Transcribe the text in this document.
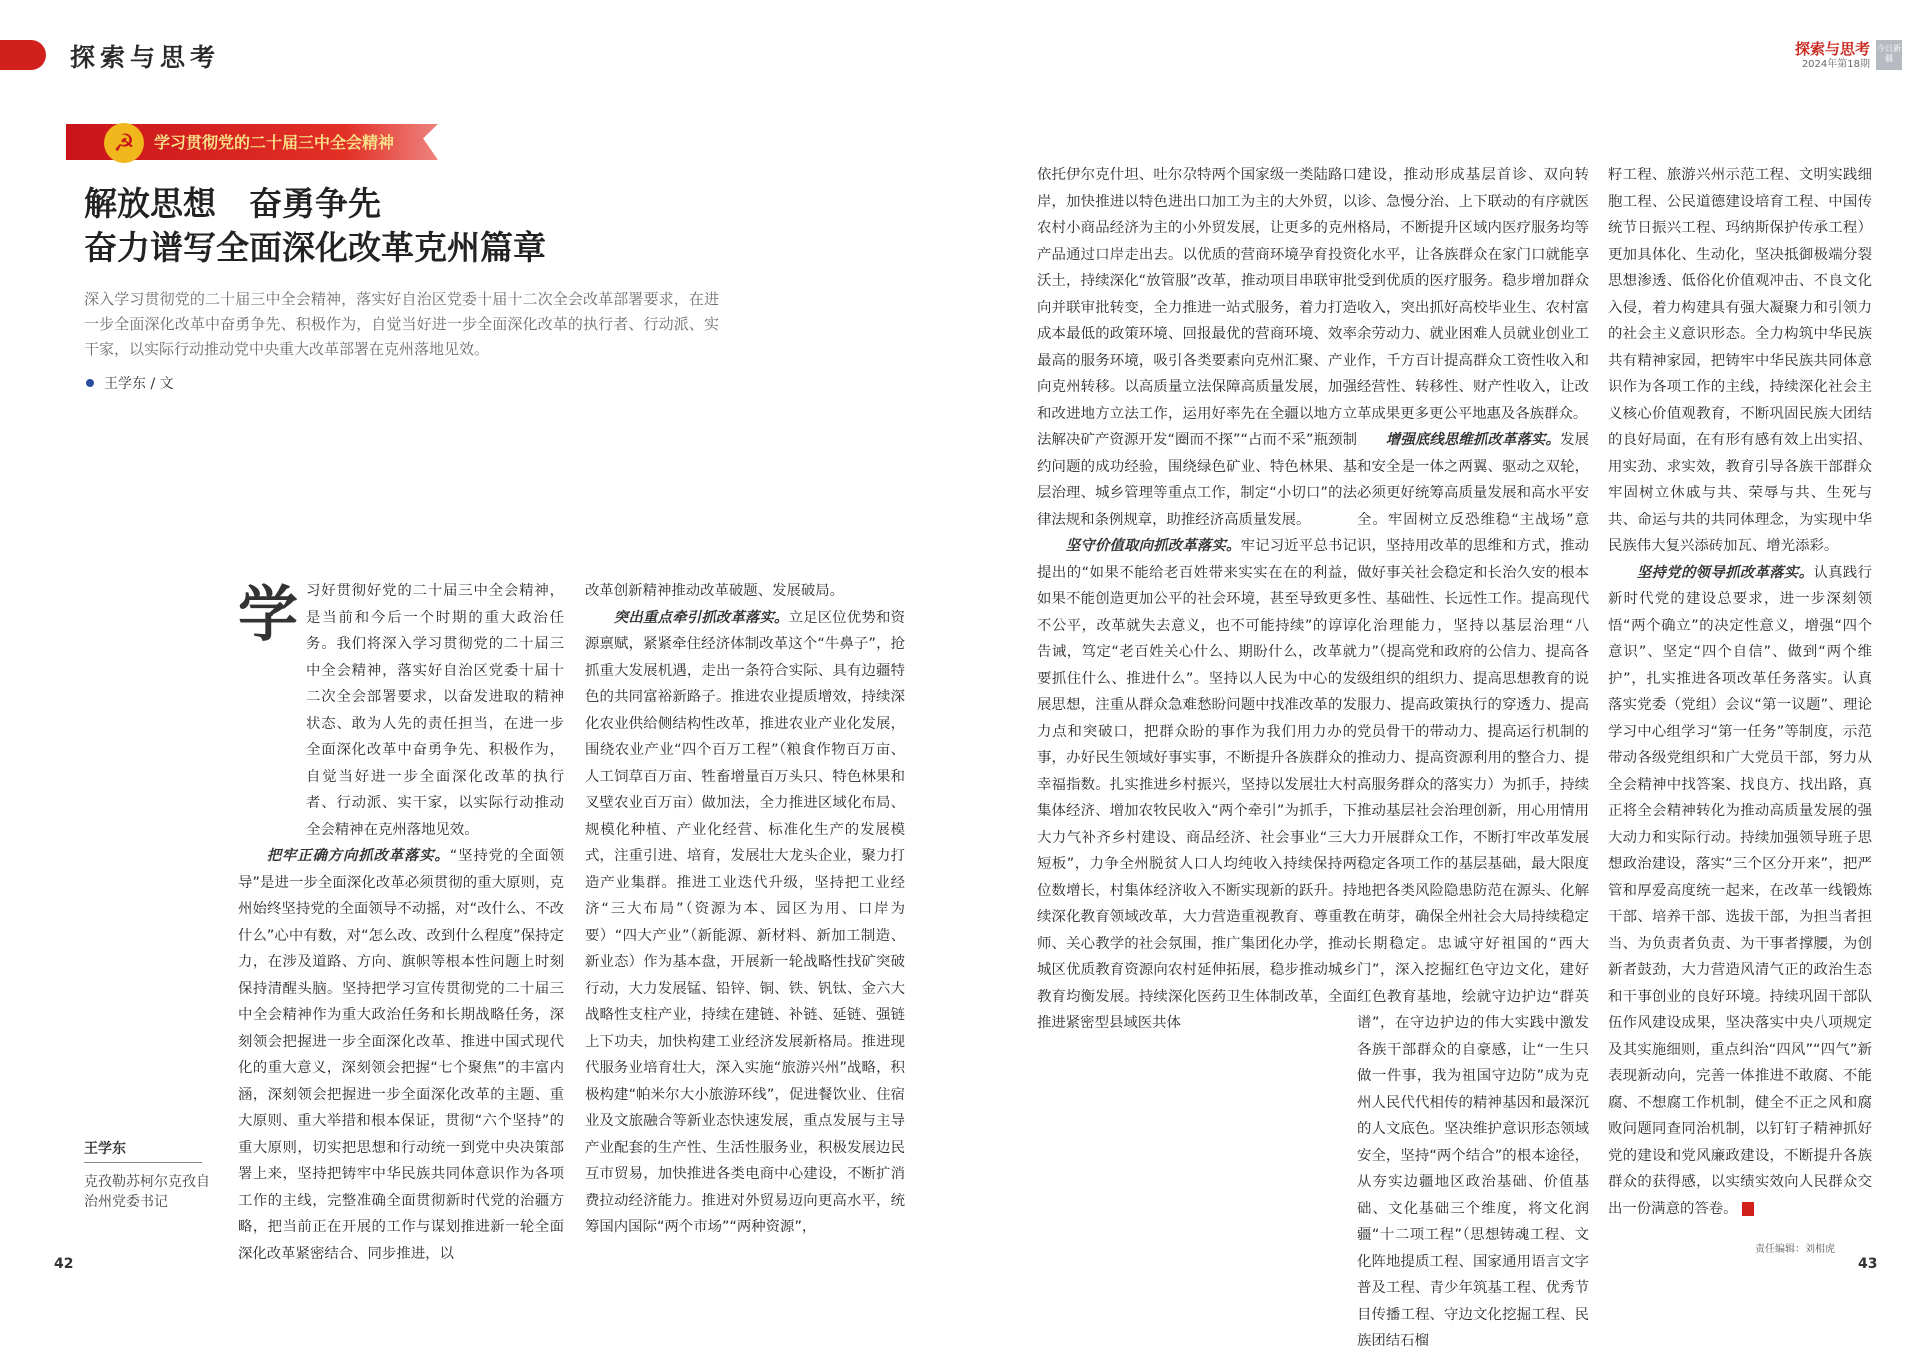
探索与思考	探索与思考
2024年第18期
今日新疆
☭	学习贯彻党的二十届三中全会精神
解放思想　奋勇争先
奋力谱写全面深化改革克州篇章
深入学习贯彻党的二十届三中全会精神，落实好自治区党委十届十二次全会改革部署要求，在进一步全面深化改革中奋勇争先、积极作为，自觉当好进一步全面深化改革的执行者、行动派、实干家，以实际行动推动党中央重大改革部署在克州落地见效。
王学东 / 文
学 习好贯彻好党的二十届三中全会精神，是当前和今后一个时期的重大政治任务。我们将深入学习贯彻党的二十届三中全会精神，落实好自治区党委十届十二次全会部署要求，以奋发进取的精神状态、敢为人先的责任担当，在进一步全面深化改革中奋勇争先、积极作为，自觉当好进一步全面深化改革的执行者、行动派、实干家，以实际行动推动全会精神在克州落地见效。

把牢正确方向抓改革落实。“坚持党的全面领导”是进一步全面深化改革必须贯彻的重大原则，克州始终坚持党的全面领导不动摇，对“改什么、不改什么”心中有数，对“怎么改、改到什么程度”保持定力，在涉及道路、方向、旗帜等根本性问题上时刻保持清醒头脑。坚持把学习宣传贯彻党的二十届三中全会精神作为重大政治任务和长期战略任务，深刻领会把握进一步全面深化改革、推进中国式现代化的重大意义，深刻领会把握“七个聚焦”的丰富内涵，深刻领会把握进一步全面深化改革的主题、重大原则、重大举措和根本保证，贯彻“六个坚持”的重大原则，切实把思想和行动统一到党中央决策部署上来，坚持把铸牢中华民族共同体意识作为各项工作的主线，完整准确全面贯彻新时代党的治疆方略，把当前正在开展的工作与谋划推进新一轮全面深化改革紧密结合、同步推进，以

改革创新精神推动改革破题、发展破局。

突出重点牵引抓改革落实。立足区位优势和资源禀赋，紧紧牵住经济体制改革这个“牛鼻子”，抢抓重大发展机遇，走出一条符合实际、具有边疆特色的共同富裕新路子。推进农业提质增效，持续深化农业供给侧结构性改革，推进农业产业化发展，围绕农业产业“四个百万工程”（粮食作物百万亩、人工饲草百万亩、牲畜增量百万头只、特色林果和叉壁农业百万亩）做加法，全力推进区域化布局、规模化种植、产业化经营、标准化生产的发展模式，注重引进、培育，发展壮大龙头企业，聚力打造产业集群。推进工业迭代升级，坚持把工业经济“三大布局”（资源为本、园区为用、口岸为要）“四大产业”（新能源、新材料、新加工制造、新业态）作为基本盘，开展新一轮战略性找矿突破行动，大力发展锰、铅锌、铜、铁、钒钛、金六大战略性支柱产业，持续在建链、补链、延链、强链上下功夫，加快构建工业经济发展新格局。推进现代服务业培育壮大，深入实施“旅游兴州”战略，积极构建“帕米尔大小旅游环线”，促进餐饮业、住宿业及文旅融合等新业态快速发展，重点发展与主导产业配套的生产性、生活性服务业，积极发展边民互市贸易，加快推进各类电商中心建设，不断扩消费拉动经济能力。推进对外贸易迈向更高水平，统筹国内国际“两个市场”“两种资源”，

依托伊尔克什坦、吐尔尕特两个国家级一类陆路口岸，加快推进以特色进出口加工为主的大外贸，以农村小商品经济为主的小外贸发展，让更多的克州产品通过口岸走出去。以优质的营商环境孕育投资沃土，持续深化“放管服”改革，推动项目串联审批向并联审批转变，全力推进一站式服务，着力打造成本最低的政策环境、回报最优的营商环境、效率最高的服务环境，吸引各类要素向克州汇聚、产业向克州转移。以高质量立法保障高质量发展，加强和改进地方立法工作，运用好率先在全疆以地方立法解决矿产资源开发“圈而不探”“占而不采”瓶颈制约问题的成功经验，围绕绿色矿业、特色林果、基层治理、城乡管理等重点工作，制定“小切口”的法律法规和条例规章，助推经济高质量发展。

坚守价值取向抓改革落实。牢记习近平总书记提出的“如果不能给老百姓带来实实在在的利益，如果不能创造更加公平的社会环境，甚至导致更多不公平，改革就失去意义，也不可能持续”的谆谆告诫，笃定“老百姓关心什么、期盼什么，改革就要抓住什么、推进什么”。坚持以人民为中心的发展思想，注重从群众急难愁盼问题中找准改革的发力点和突破口，把群众盼的事作为我们用力办的事，办好民生领域好事实事，不断提升各族群众的幸福指数。扎实推进乡村振兴，坚持以发展壮大村集体经济、增加农牧民收入“两个牵引”为抓手，下大力气补齐乡村建设、商品经济、社会事业“三大短板”，力争全州脱贫人口人均纯收入持续保持两位数增长，村集体经济收入不断实现新的跃升。持续深化教育领域改革，大力营造重视教育、尊重教师、关心教学的社会氛围，推广集团化办学，推动城区优质教育资源向农村延伸拓展，稳步推动城乡教育均衡发展。持续深化医药卫生体制改革，全面推进紧密型县域医共体

建设，推动形成基层首诊、双向转诊、急慢分治、上下联动的有序就医格局，不断提升区域内医疗服务均等化水平，让各族群众在家门口就能享受到优质的医疗服务。稳步增加群众收入，突出抓好高校毕业生、农村富余劳动力、就业困难人员就业创业工作，千方百计提高群众工资性收入和经营性、转移性、财产性收入，让改革成果更多更公平地惠及各族群众。

增强底线思维抓改革落实。发展和安全是一体之两翼、驱动之双轮，必须更好统筹高质量发展和高水平安全。牢固树立反恐维稳“主战场”意识，坚持用改革的思维和方式，推动做好事关社会稳定和长治久安的根本性、基础性、长远性工作。提高现代化治理能力，坚持以基层治理“八力”（提高党和政府的公信力、提高各级组织的组织力、提高思想教育的说服力、提高政策执行的穿透力、提高党员骨干的带动力、提高运行机制的推动力、提高资源利用的整合力、提高服务群众的落实力）为抓手，持续推动基层社会治理创新，用心用情用力开展群众工作，不断打牢改革发展稳定各项工作的基层基础，最大限度地把各类风险隐患防范在源头、化解在萌芽，确保全州社会大局持续稳定长期稳定。忠诚守好祖国的“西大门”，深入挖掘红色守边文化，建好红色教育基地，绘就守边护边“群英谱”，在守边护边的伟大实践中激发各族干部群众的自豪感，让“一生只做一件事，我为祖国守边防”成为克州人民代代相传的精神基因和最深沉的人文底色。坚决维护意识形态领域安全，坚持“两个结合”的根本途径，从夯实边疆地区政治基础、价值基础、文化基础三个维度，将文化润疆“十二项工程”（思想铸魂工程、文化阵地提质工程、国家通用语言文字普及工程、青少年筑基工程、优秀节目传播工程、守边文化挖掘工程、民族团结石榴

籽工程、旅游兴州示范工程、文明实践细胞工程、公民道德建设培育工程、中国传统节日振兴工程、玛纳斯保护传承工程）更加具体化、生动化，坚决抵御极端分裂思想渗透、低俗化价值观冲击、不良文化入侵，着力构建具有强大凝聚力和引领力的社会主义意识形态。全力构筑中华民族共有精神家园，把铸牢中华民族共同体意识作为各项工作的主线，持续深化社会主义核心价值观教育，不断巩固民族大团结的良好局面，在有形有感有效上出实招、用实劲、求实效，教育引导各族干部群众牢固树立休戚与共、荣辱与共、生死与共、命运与共的共同体理念，为实现中华民族伟大复兴添砖加瓦、增光添彩。

坚持党的领导抓改革落实。认真践行新时代党的建设总要求，进一步深刻领悟“两个确立”的决定性意义，增强“四个意识”、坚定“四个自信”、做到“两个维护”，扎实推进各项改革任务落实。认真落实党委（党组）会议“第一议题”、理论学习中心组学习“第一任务”等制度，示范带动各级党组织和广大党员干部，努力从全会精神中找答案、找良方、找出路，真正将全会精神转化为推动高质量发展的强大动力和实际行动。持续加强领导班子思想政治建设，落实“三个区分开来”，把严管和厚爱高度统一起来，在改革一线锻炼干部、培养干部、选拔干部，为担当者担当、为负责者负责、为干事者撑腰，为创新者鼓劲，大力营造风清气正的政治生态和干事创业的良好环境。持续巩固干部队伍作风建设成果，坚决落实中央八项规定及其实施细则，重点纠治“四风”“四气”新表现新动向，完善一体推进不敢腐、不能腐、不想腐工作机制，健全不正之风和腐败问题同查同治机制，以钉钉子精神抓好党的建设和党风廉政建设，不断提升各族群众的获得感，以实绩实效向人民群众交出一份满意的答卷。

王学东
克孜勒苏柯尔克孜自治州党委书记
42
责任编辑：刘相虎
43
